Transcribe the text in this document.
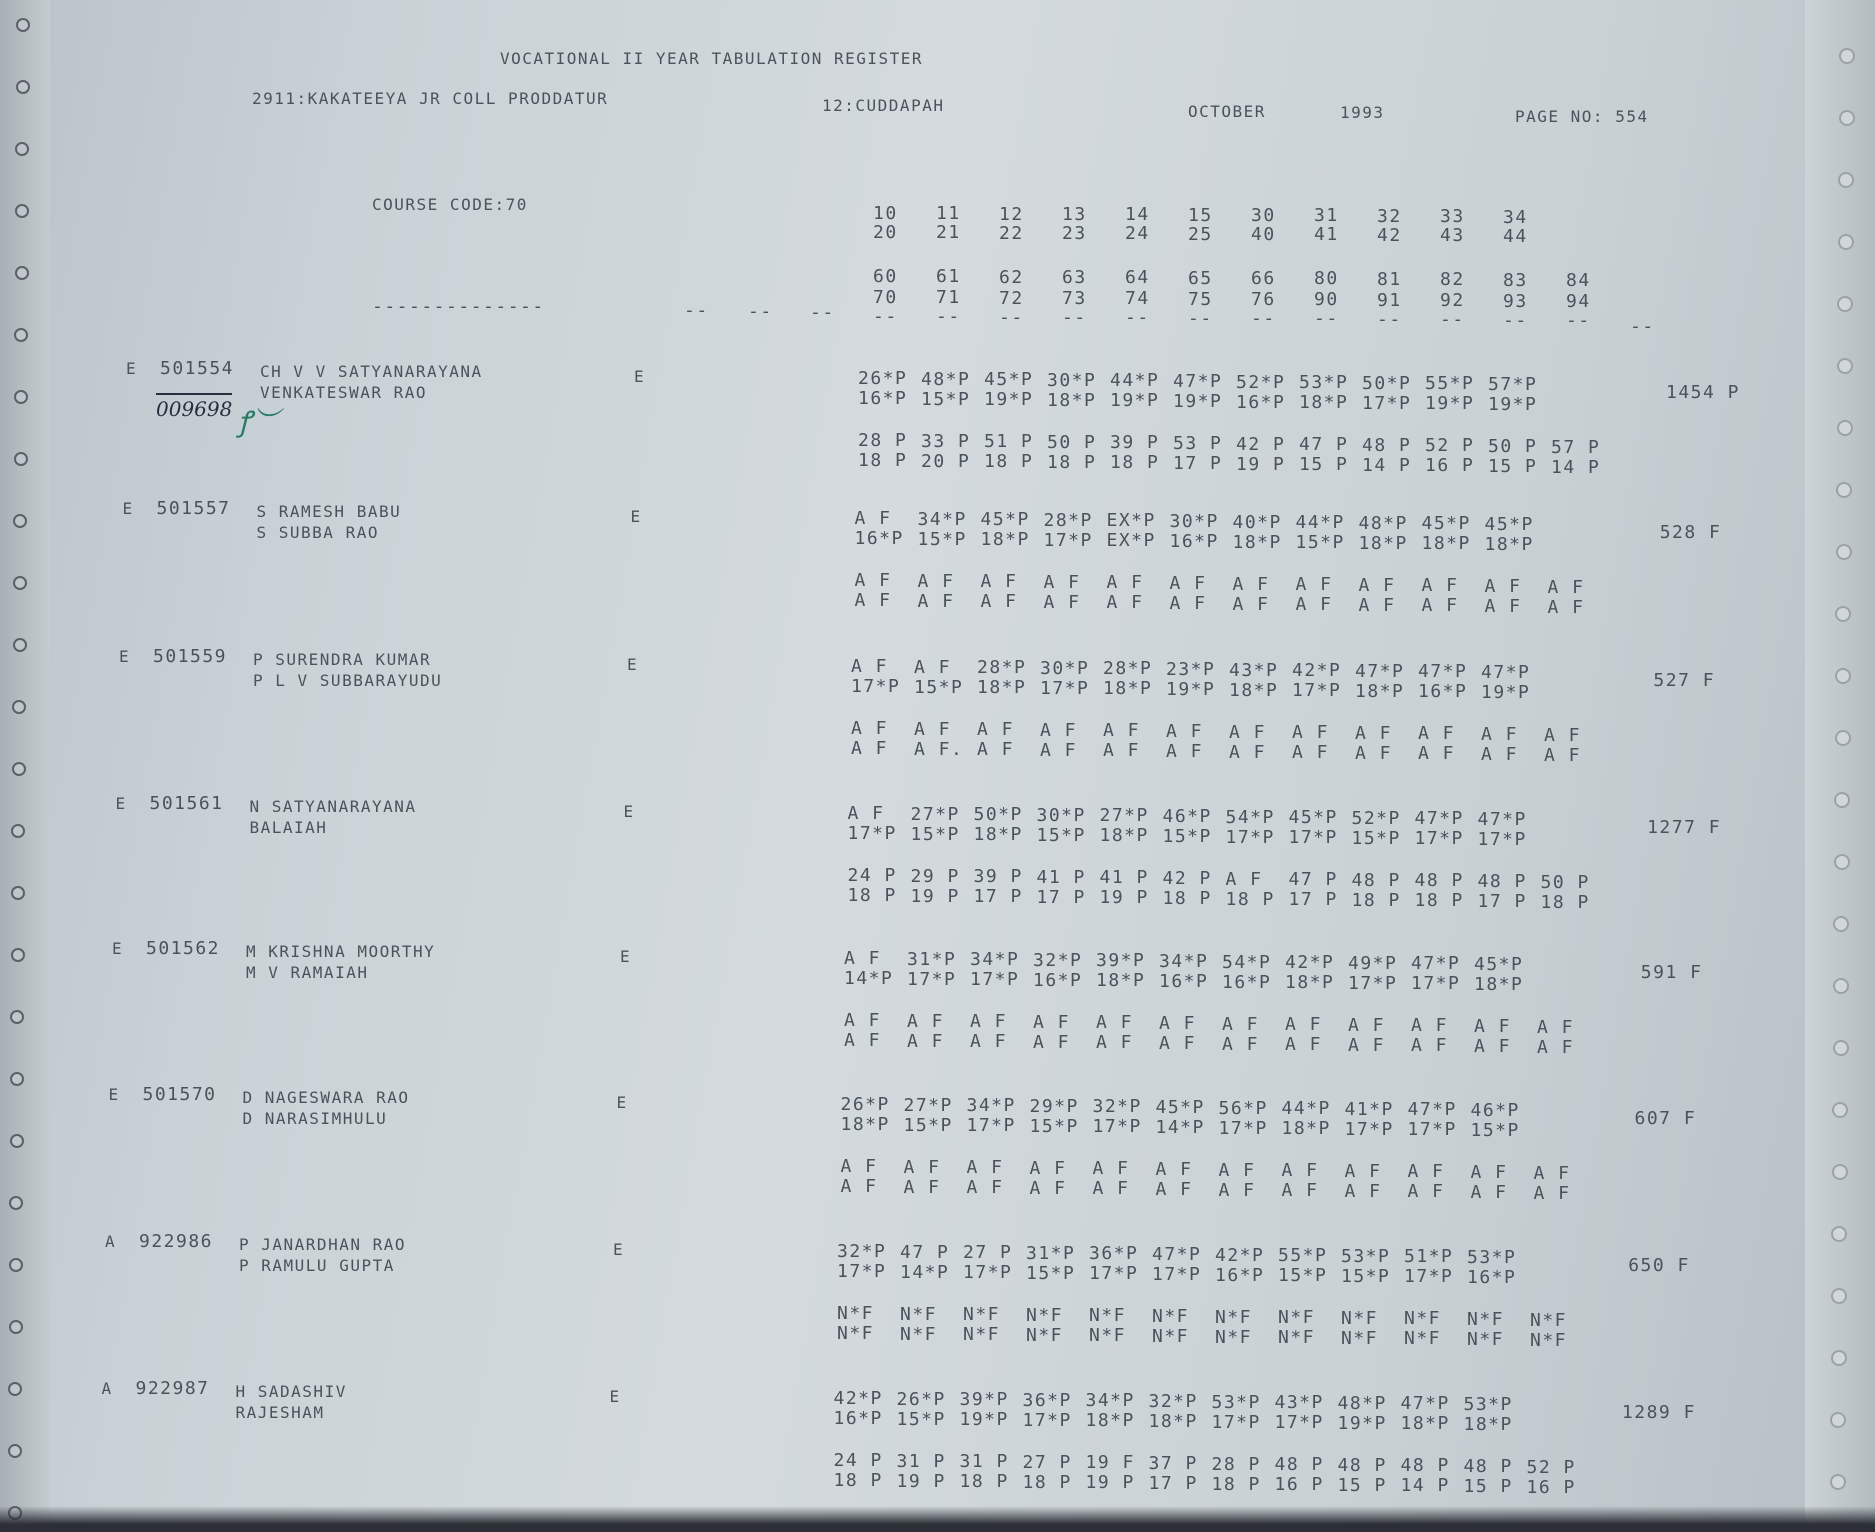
VOCATIONAL II YEAR TABULATION REGISTER
2911:KAKATEEYA JR COLL PRODDATUR	12:CUDDAPAH	OCTOBER	1993	PAGE NO: 554
COURSE CODE:70	10 11 12 13 14 15 30 31 32 33 34
20 21 22 23 24 25 40 41 42 43 44
60 61 62 63 64 65 66 80 81 82 83 84
70 71 72 73 74 75 76 90 91 92 93 94
--------------	-- -- -- -- -- -- -- -- -- -- -- -- -- -- -- --
E 501554 CH V V SATYANARAYANA
VENKATESWAR RAO
E	26*P 48*P 45*P 30*P 44*P 47*P 52*P 53*P 50*P 55*P 57*P
16*P 15*P 19*P 18*P 19*P 19*P 16*P 18*P 17*P 19*P 19*P
28 P 33 P 51 P 50 P 39 P 53 P 42 P 47 P 48 P 52 P 50 P 57 P
18 P 20 P 18 P 18 P 18 P 17 P 19 P 15 P 14 P 16 P 15 P 14 P
1454 P
009698
E 501557 S RAMESH BABU
S SUBBA RAO
E	A F 34*P 45*P 28*P EX*P 30*P 40*P 44*P 48*P 45*P 45*P
16*P 15*P 18*P 17*P EX*P 16*P 18*P 15*P 18*P 18*P 18*P
A F A F A F A F A F A F A F A F A F A F A F A F
A F A F A F A F A F A F A F A F A F A F A F A F
528 F
E 501559 P SURENDRA KUMAR
P L V SUBBARAYUDU
E	A F A F 28*P 30*P 28*P 23*P 43*P 42*P 47*P 47*P 47*P
17*P 15*P 18*P 17*P 18*P 19*P 18*P 17*P 18*P 16*P 19*P
A F A F A F A F A F A F A F A F A F A F A F A F
A F A F. A F A F A F A F A F A F A F A F A F A F
527 F
E 501561 N SATYANARAYANA
BALAIAH
E	A F 27*P 50*P 30*P 27*P 46*P 54*P 45*P 52*P 47*P 47*P
17*P 15*P 18*P 15*P 18*P 15*P 17*P 17*P 15*P 17*P 17*P
24 P 29 P 39 P 41 P 41 P 42 P A F 47 P 48 P 48 P 48 P 50 P
18 P 19 P 17 P 17 P 19 P 18 P 18 P 17 P 18 P 18 P 17 P 18 P
1277 F
E 501562 M KRISHNA MOORTHY
M V RAMAIAH
E	A F 31*P 34*P 32*P 39*P 34*P 54*P 42*P 49*P 47*P 45*P
14*P 17*P 17*P 16*P 18*P 16*P 16*P 18*P 17*P 17*P 18*P
A F A F A F A F A F A F A F A F A F A F A F A F
A F A F A F A F A F A F A F A F A F A F A F A F
591 F
E 501570 D NAGESWARA RAO
D NARASIMHULU
E	26*P 27*P 34*P 29*P 32*P 45*P 56*P 44*P 41*P 47*P 46*P
18*P 15*P 17*P 15*P 17*P 14*P 17*P 18*P 17*P 17*P 15*P
A F A F A F A F A F A F A F A F A F A F A F A F
A F A F A F A F A F A F A F A F A F A F A F A F
607 F
A 922986 P JANARDHAN RAO
P RAMULU GUPTA
E	32*P 47 P 27 P 31*P 36*P 47*P 42*P 55*P 53*P 51*P 53*P
17*P 14*P 17*P 15*P 17*P 17*P 16*P 15*P 15*P 17*P 16*P
N*F N*F N*F N*F N*F N*F N*F N*F N*F N*F N*F N*F
N*F N*F N*F N*F N*F N*F N*F N*F N*F N*F N*F N*F
650 F
A 922987 H SADASHIV
RAJESHAM
E	42*P 26*P 39*P 36*P 34*P 32*P 53*P 43*P 48*P 47*P 53*P
16*P 15*P 19*P 17*P 18*P 18*P 17*P 17*P 19*P 18*P 18*P
24 P 31 P 31 P 27 P 19 F 37 P 28 P 48 P 48 P 48 P 48 P 52 P
18 P 19 P 18 P 18 P 19 P 17 P 18 P 16 P 15 P 14 P 15 P 16 P
1289 F
ꝭ︶
